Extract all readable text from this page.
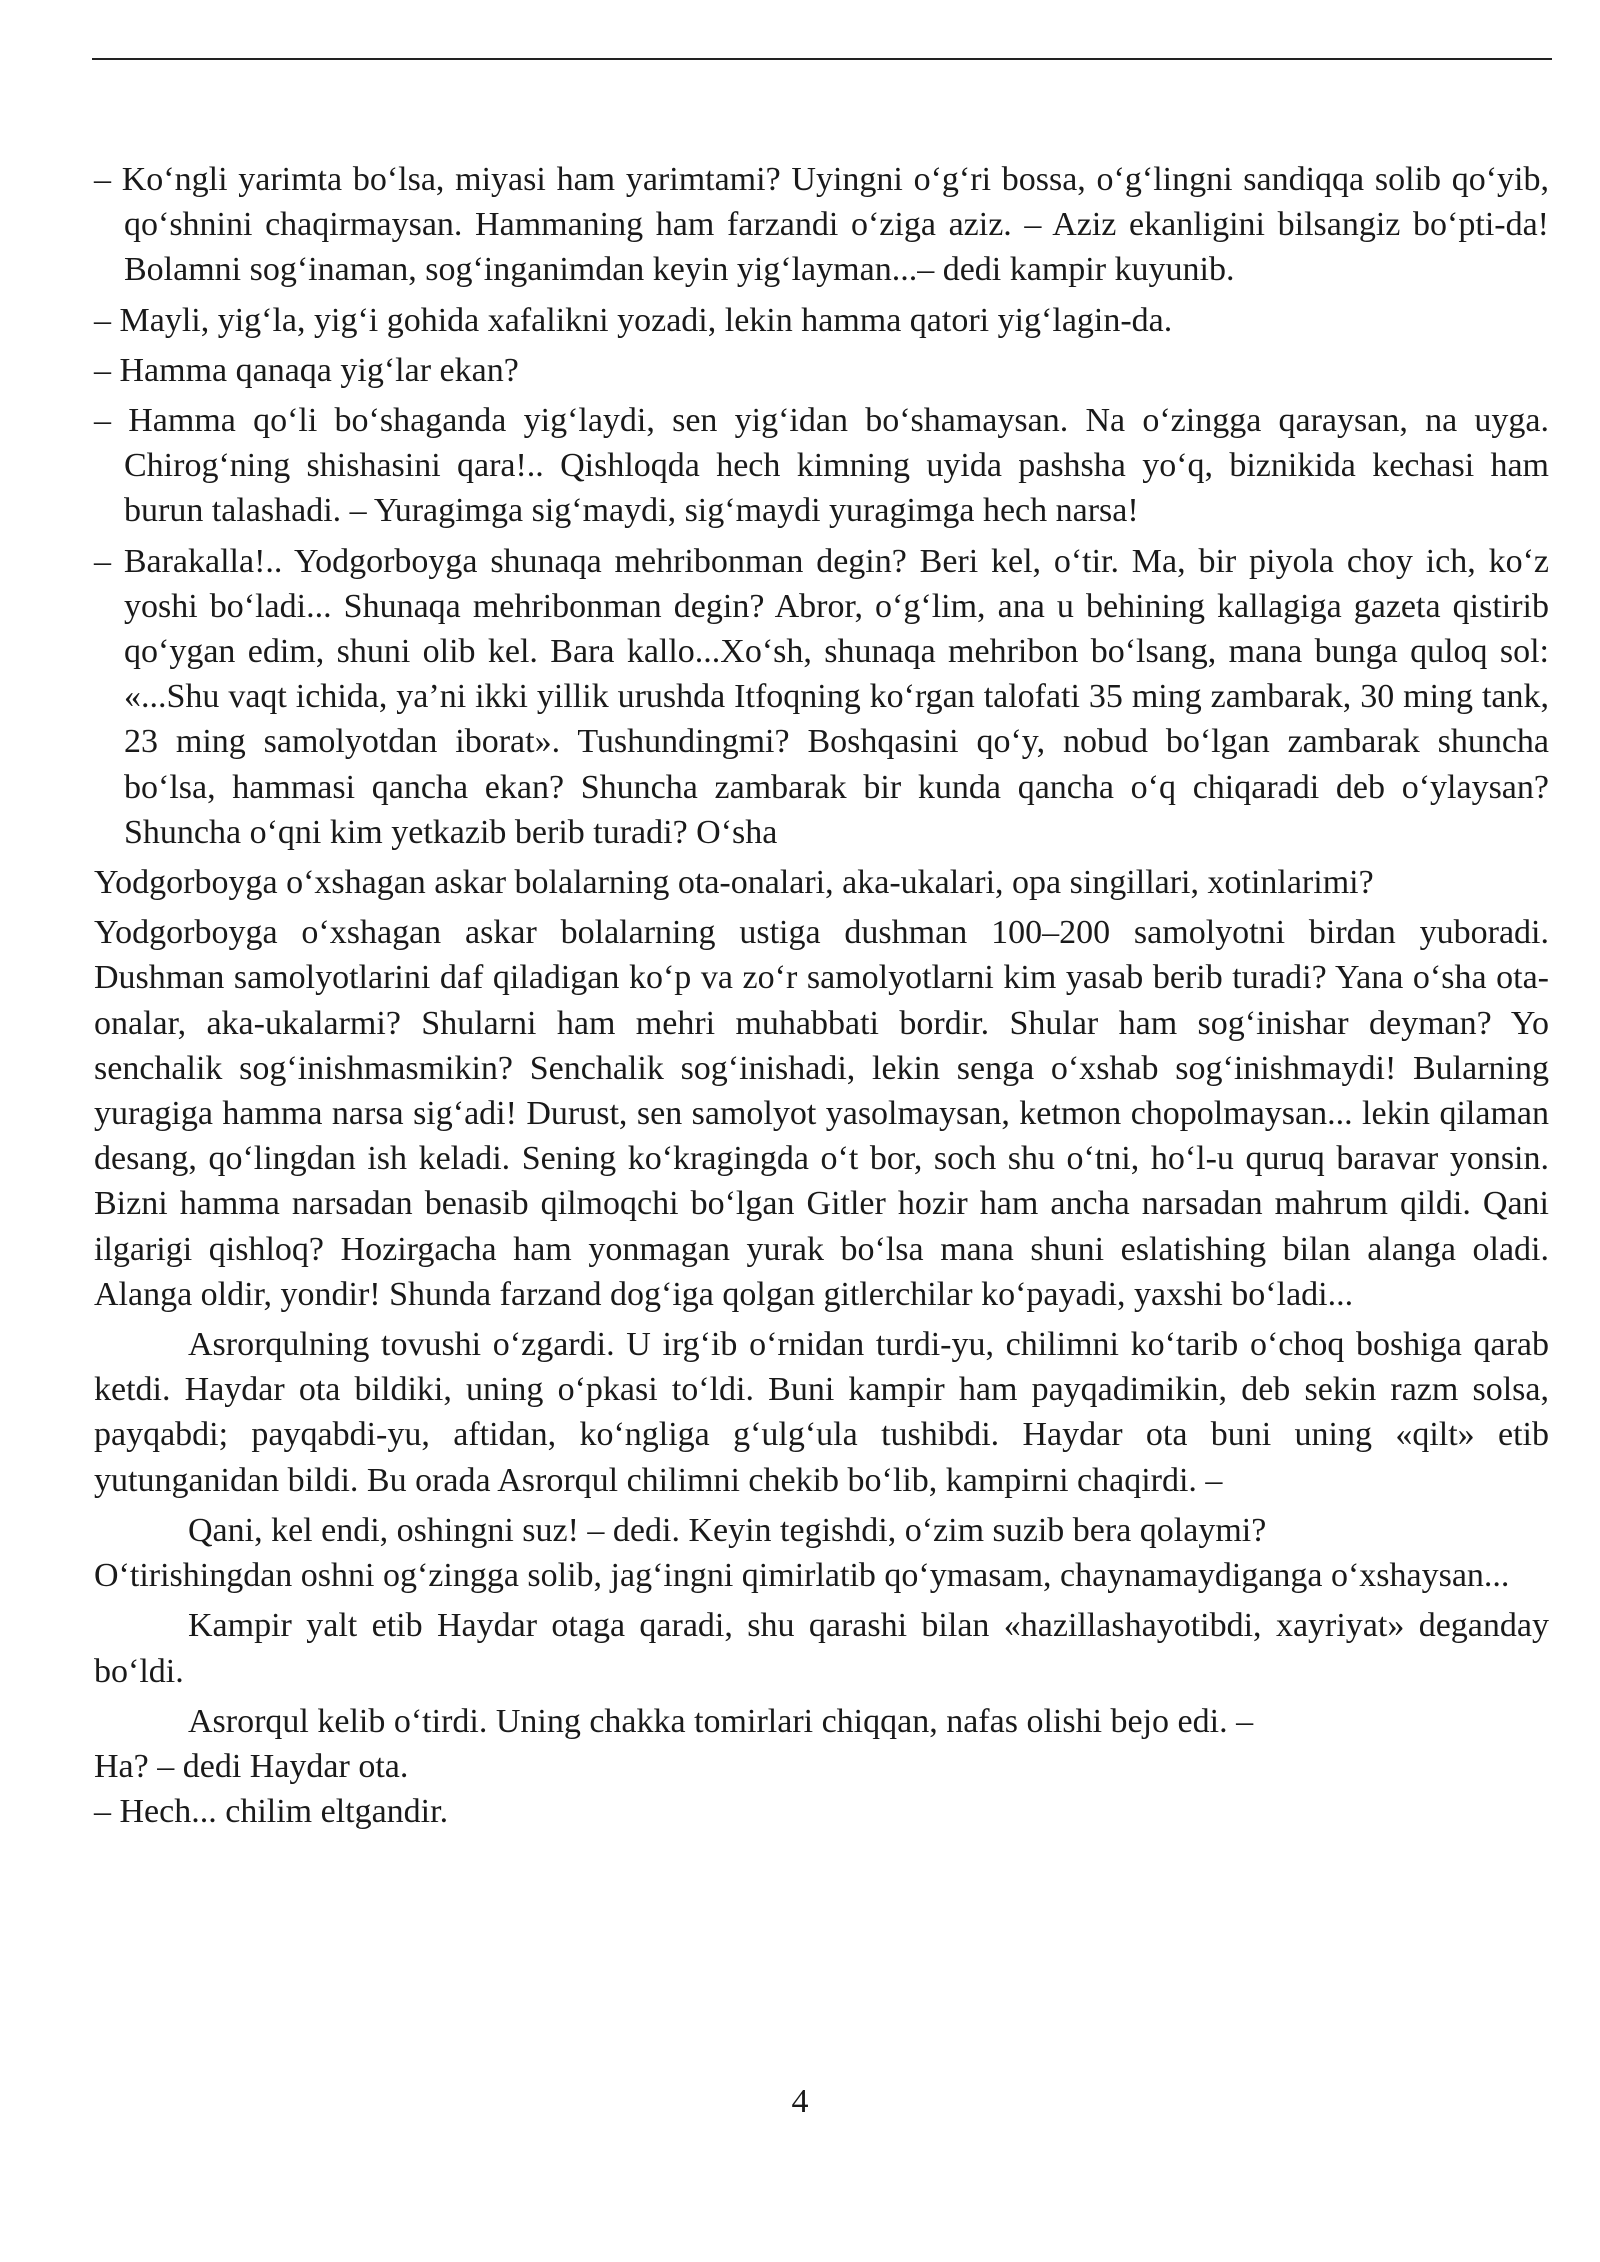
– Ko‘ngli yarimta bo‘lsa, miyasi ham yarimtami? Uyingni o‘g‘ri bossa, o‘g‘lingni sandiqqa solib qo‘yib, qo‘shnini chaqirmaysan. Hammaning ham farzandi o‘ziga aziz. – Aziz ekanligini bilsangiz bo‘pti-da! Bolamni sog‘inaman, sog‘inganimdan keyin yig‘layman...– dedi kampir kuyunib.

– Mayli, yig‘la, yig‘i gohida xafalikni yozadi, lekin hamma qatori yig‘lagin-da.

– Hamma qanaqa yig‘lar ekan?

– Hamma qo‘li bo‘shaganda yig‘laydi, sen yig‘idan bo‘shamaysan. Na o‘zingga qaraysan, na uyga. Chirog‘ning shishasini qara!.. Qishloqda hech kimning uyida pashsha yo‘q, biznikida kechasi ham burun talashadi. – Yuragimga sig‘maydi, sig‘maydi yuragimga hech narsa!

– Barakalla!.. Yodgorboyga shunaqa mehribonman degin? Beri kel, o‘tir. Ma, bir piyola choy ich, ko‘z yoshi bo‘ladi... Shunaqa mehribonman degin? Abror, o‘g‘lim, ana u behining kallagiga gazeta qistirib qo‘ygan edim, shuni olib kel. Bara kallo...Xo‘sh, shunaqa mehribon bo‘lsang, mana bunga quloq sol: «...Shu vaqt ichida, ya’ni ikki yillik urushda Itfoqning ko‘rgan talofati 35 ming zambarak, 30 ming tank, 23 ming samolyotdan iborat». Tushundingmi? Boshqasini qo‘y, nobud bo‘lgan zambarak shuncha bo‘lsa, hammasi qancha ekan? Shuncha zambarak bir kunda qancha o‘q chiqaradi deb o‘ylaysan? Shuncha o‘qni kim yetkazib berib turadi? O‘sha

Yodgorboyga o‘xshagan askar bolalarning ota-onalari, aka-ukalari, opa singillari, xotinlarimi?

Yodgorboyga o‘xshagan askar bolalarning ustiga dushman 100–200 samolyotni birdan yuboradi. Dushman samolyotlarini daf qiladigan ko‘p va zo‘r samolyotlarni kim yasab berib turadi? Yana o‘sha ota-onalar, aka-ukalarmi? Shularni ham mehri muhabbati bordir. Shular ham sog‘inishar deyman? Yo senchalik sog‘inishmasmikin? Senchalik sog‘inishadi, lekin senga o‘xshab sog‘inishmaydi! Bularning yuragiga hamma narsa sig‘adi! Durust, sen samolyot yasolmaysan, ketmon chopolmaysan... lekin qilaman desang, qo‘lingdan ish keladi. Sening ko‘kragingda o‘t bor, soch shu o‘tni, ho‘l-u quruq baravar yonsin. Bizni hamma narsadan benasib qilmoqchi bo‘lgan Gitler hozir ham ancha narsadan mahrum qildi. Qani ilgarigi qishloq? Hozirgacha ham yonmagan yurak bo‘lsa mana shuni eslatishing bilan alanga oladi. Alanga oldir, yondir! Shunda farzand dog‘iga qolgan gitlerchilar ko‘payadi, yaxshi bo‘ladi...

Asrorqulning tovushi o‘zgardi. U irg‘ib o‘rnidan turdi-yu, chilimni ko‘tarib o‘choq boshiga qarab ketdi. Haydar ota bildiki, uning o‘pkasi to‘ldi. Buni kampir ham payqadimikin, deb sekin razm solsa, payqabdi; payqabdi-yu, aftidan, ko‘ngliga g‘ulg‘ula tushibdi. Haydar ota buni uning «qilt» etib yutunganidan bildi. Bu orada Asrorqul chilimni chekib bo‘lib, kampirni chaqirdi. –

Qani, kel endi, oshingni suz! – dedi. Keyin tegishdi, o‘zim suzib bera qolaymi?

O‘tirishingdan oshni og‘zingga solib, jag‘ingni qimirlatib qo‘ymasam, chaynamaydiganga o‘xshaysan...

Kampir yalt etib Haydar otaga qaradi, shu qarashi bilan «hazillashayotibdi, xayriyat» deganday bo‘ldi.

Asrorqul kelib o‘tirdi. Uning chakka tomirlari chiqqan, nafas olishi bejo edi. –

Ha? – dedi Haydar ota.

– Hech... chilim eltgandir.

4
